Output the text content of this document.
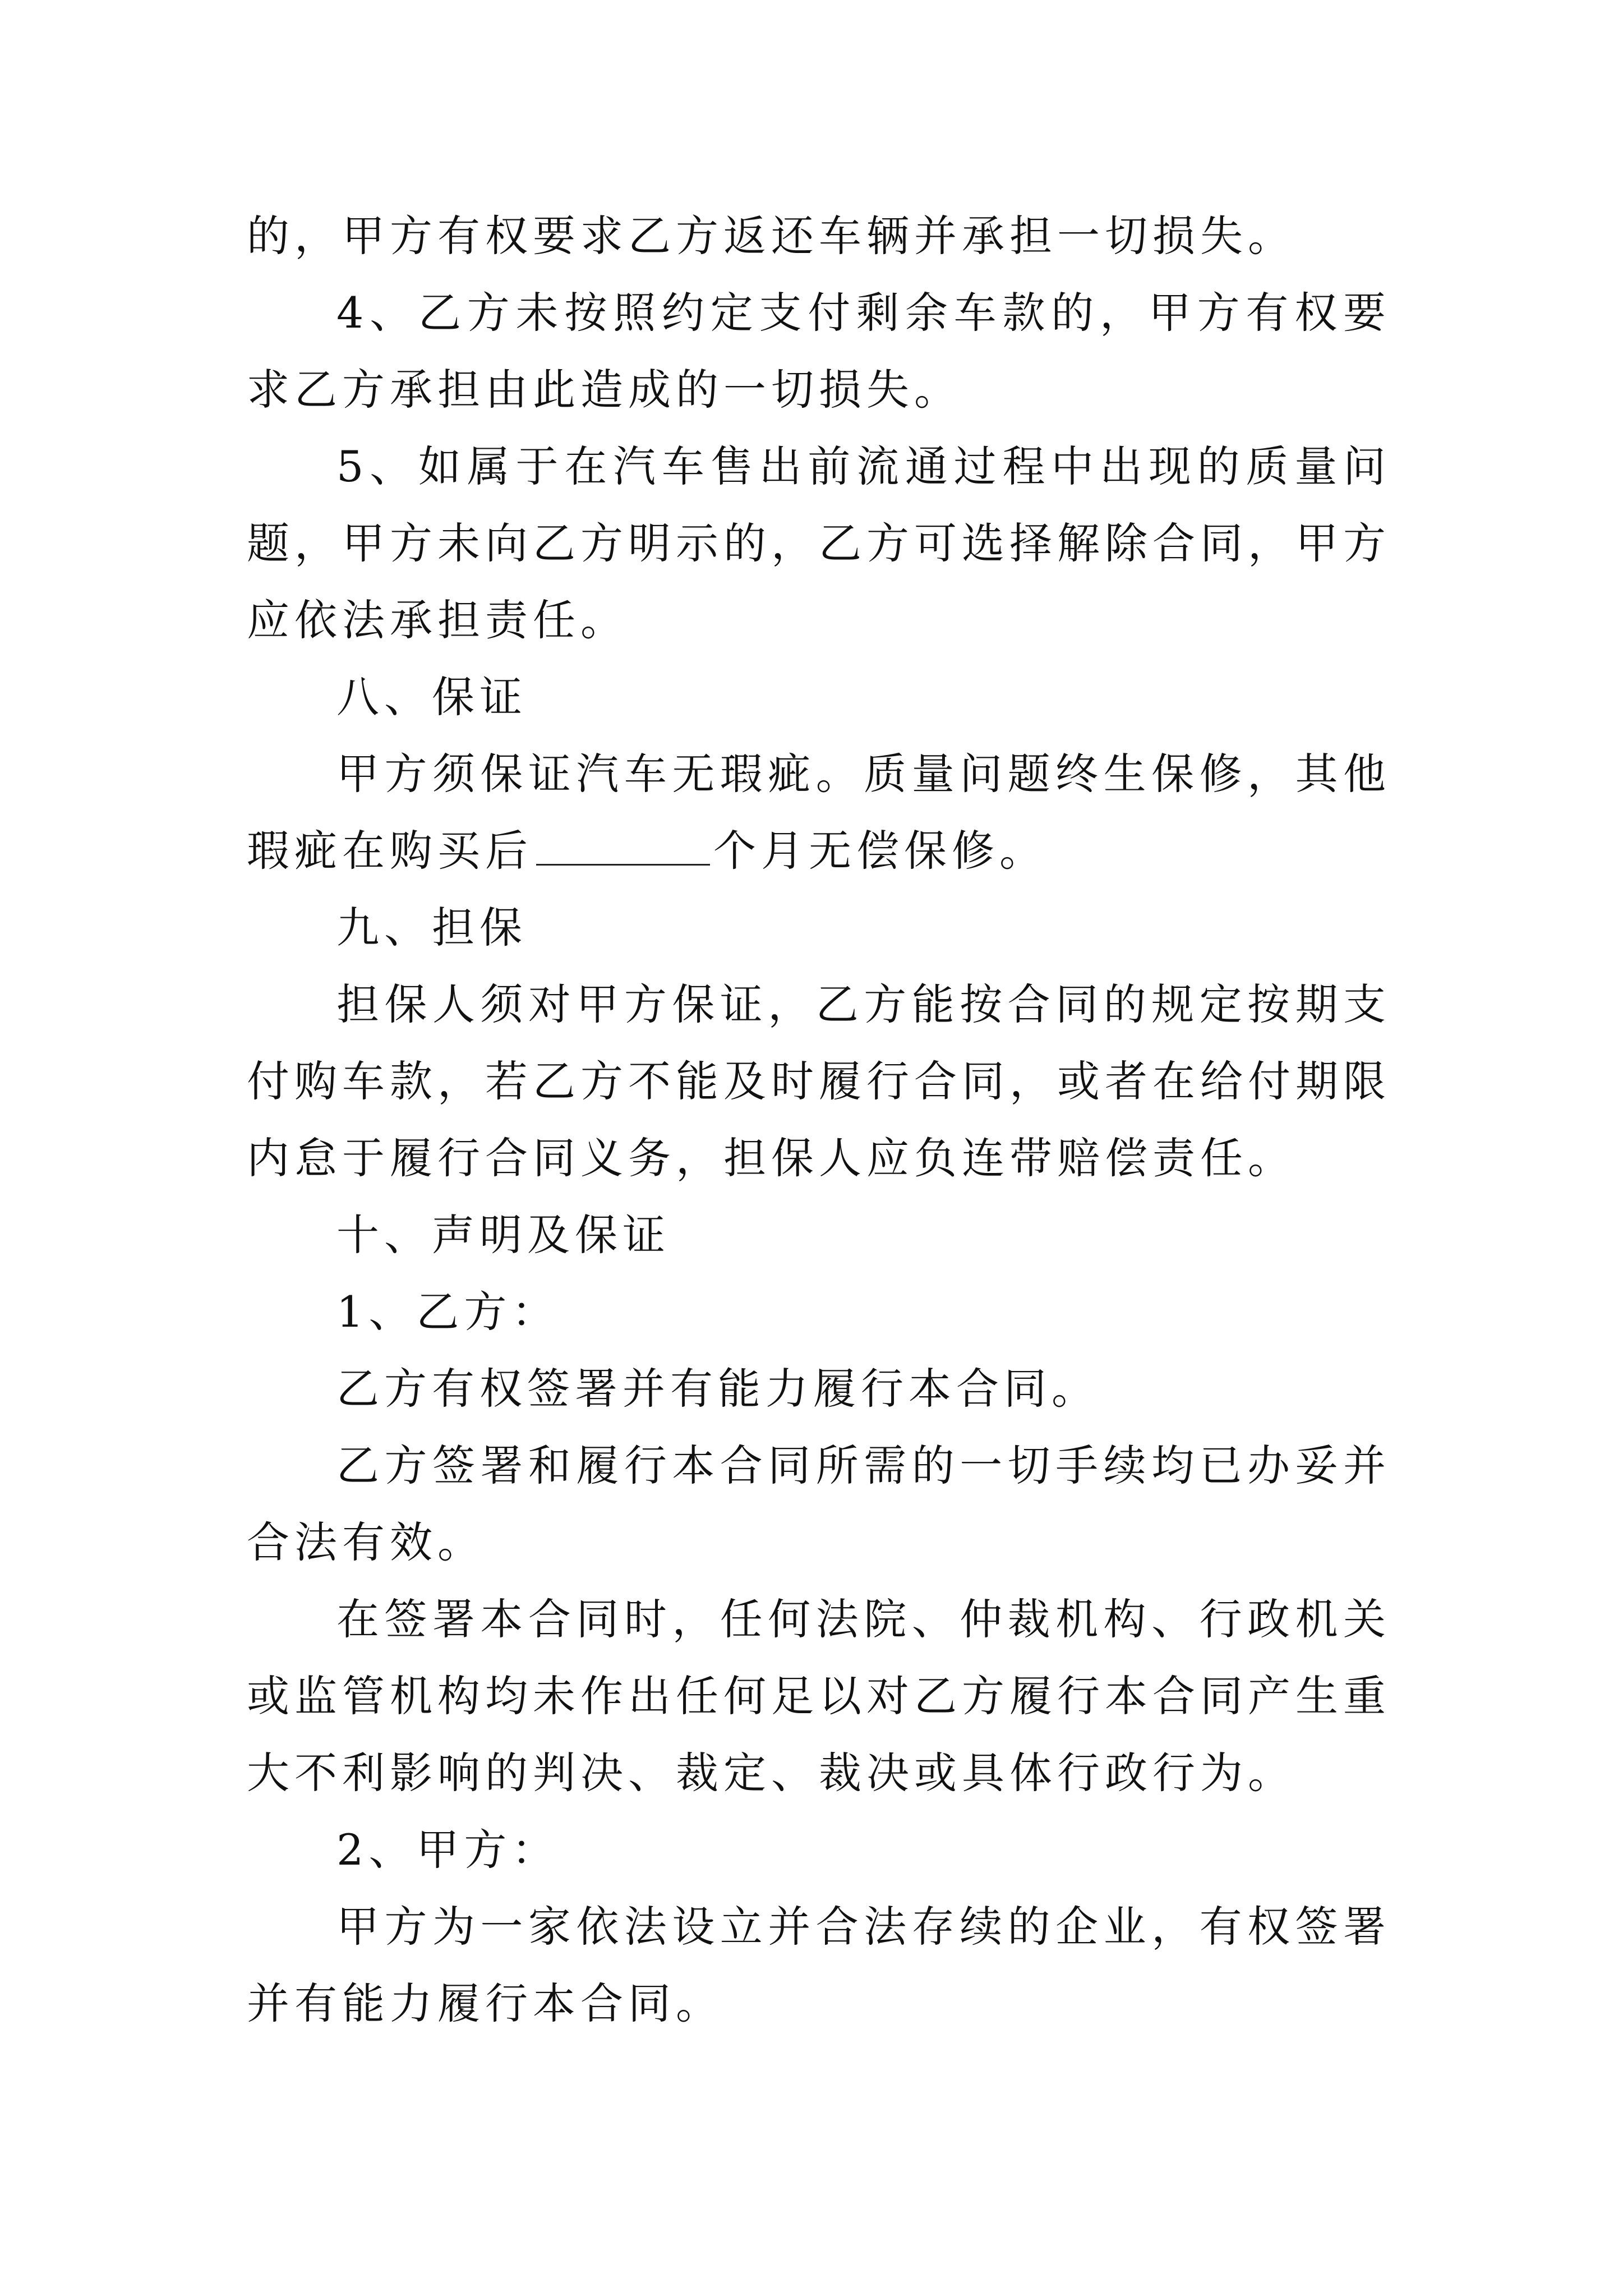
的，甲方有权要求乙方返还车辆并承担一切损失。

4、乙方未按照约定支付剩余车款的，甲方有权要求乙方承担由此造成的一切损失。

5、如属于在汽车售出前流通过程中出现的质量问题，甲方未向乙方明示的，乙方可选择解除合同，甲方应依法承担责任。

八、保证

甲方须保证汽车无瑕疵。质量问题终生保修，其他瑕疵在购买后	个月无偿保修。

九、担保

担保人须对甲方保证，乙方能按合同的规定按期支付购车款，若乙方不能及时履行合同，或者在给付期限内怠于履行合同义务，担保人应负连带赔偿责任。

十、声明及保证

1、乙方：

乙方有权签署并有能力履行本合同。

乙方签署和履行本合同所需的一切手续均已办妥并合法有效。

在签署本合同时，任何法院、仲裁机构、行政机关或监管机构均未作出任何足以对乙方履行本合同产生重大不利影响的判决、裁定、裁决或具体行政行为。

2、甲方：

甲方为一家依法设立并合法存续的企业，有权签署并有能力履行本合同。
